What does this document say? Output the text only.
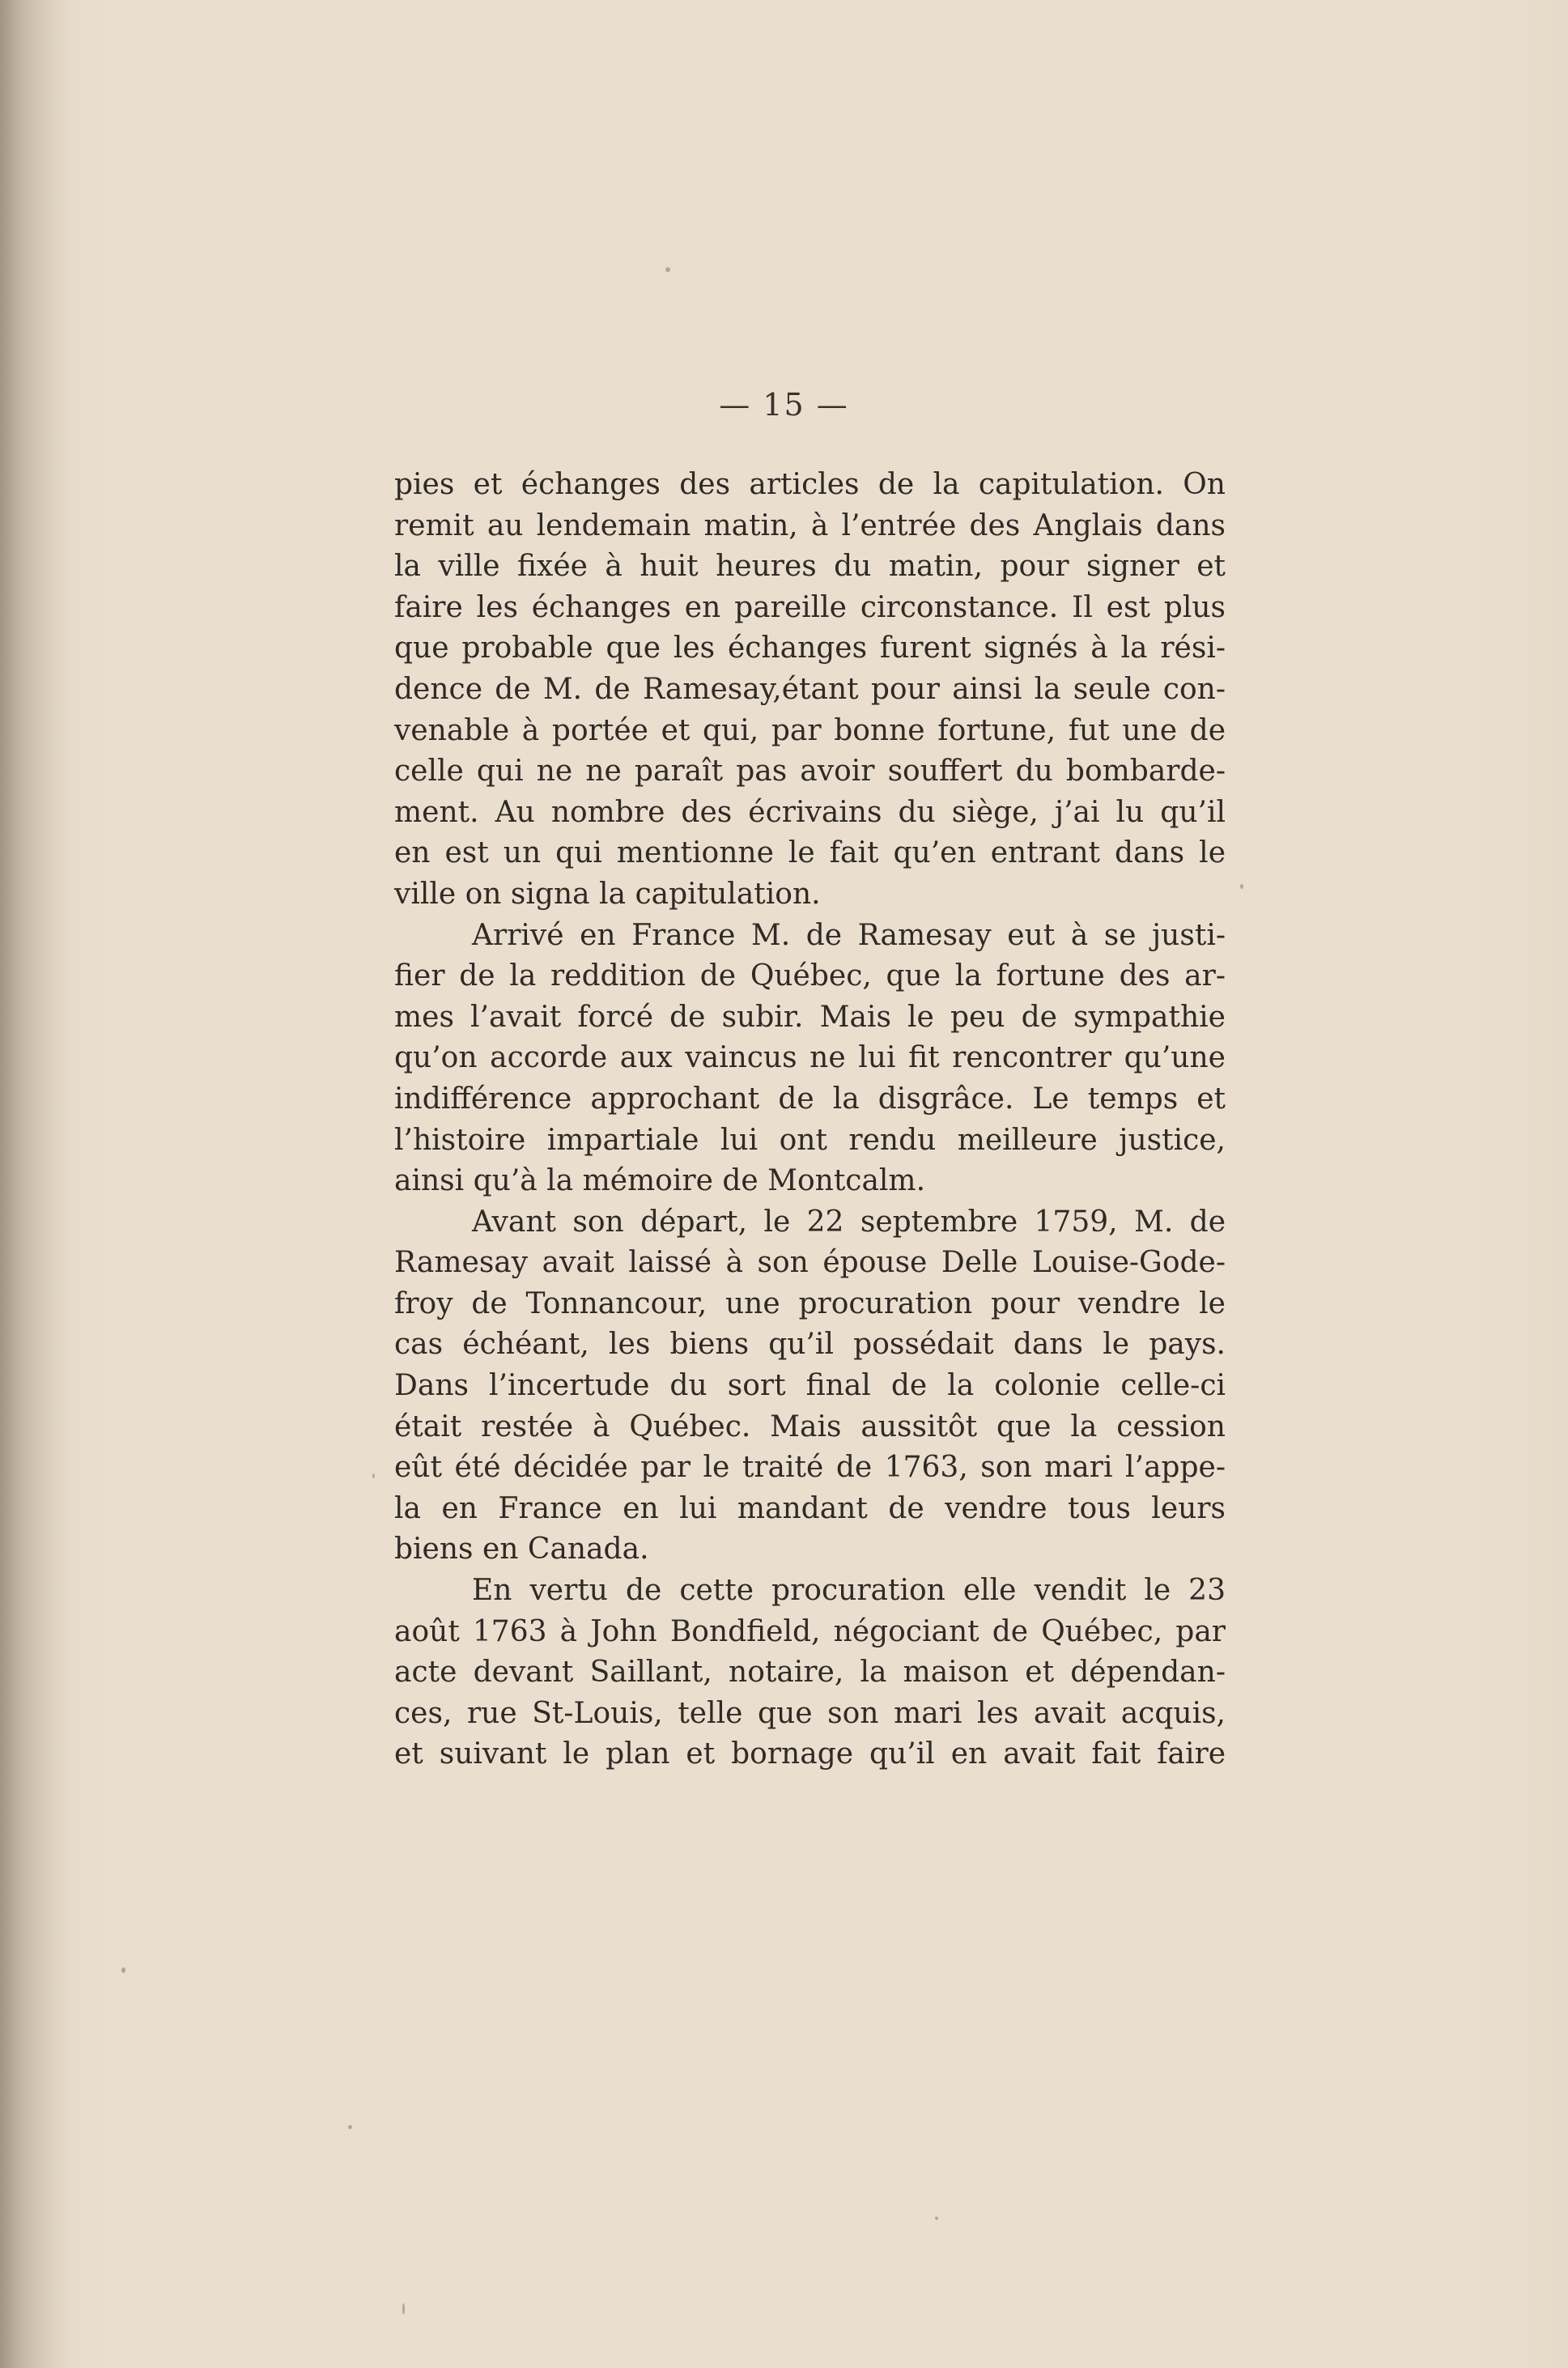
— 15 —
pies et échanges des articles de la capitulation. On
remit au lendemain matin, à l’entrée des Anglais dans
la ville fixée à huit heures du matin, pour signer et
faire les échanges en pareille circonstance. Il est plus
que probable que les échanges furent signés à la rési-
dence de M. de Ramesay,étant pour ainsi la seule con-
venable à portée et qui, par bonne fortune, fut une de
celle qui ne ne paraît pas avoir souffert du bombarde-
ment. Au nombre des écrivains du siège, j’ai lu qu’il
en est un qui mentionne le fait qu’en entrant dans le
ville on signa la capitulation.
Arrivé en France M. de Ramesay eut à se justi-
fier de la reddition de Québec, que la fortune des ar-
mes l’avait forcé de subir. Mais le peu de sympathie
qu’on accorde aux vaincus ne lui fit rencontrer qu’une
indifférence approchant de la disgrâce. Le temps et
l’histoire impartiale lui ont rendu meilleure justice,
ainsi qu’à la mémoire de Montcalm.
Avant son départ, le 22 septembre 1759, M. de
Ramesay avait laissé à son épouse Delle Louise-Gode-
froy de Tonnancour, une procuration pour vendre le
cas échéant, les biens qu’il possédait dans le pays.
Dans l’incertude du sort final de la colonie celle-ci
était restée à Québec. Mais aussitôt que la cession
eût été décidée par le traité de 1763, son mari l’appe-
la en France en lui mandant de vendre tous leurs
biens en Canada.
En vertu de cette procuration elle vendit le 23
août 1763 à John Bondfield, négociant de Québec, par
acte devant Saillant, notaire, la maison et dépendan-
ces, rue St-Louis, telle que son mari les avait acquis,
et suivant le plan et bornage qu’il en avait fait faire
